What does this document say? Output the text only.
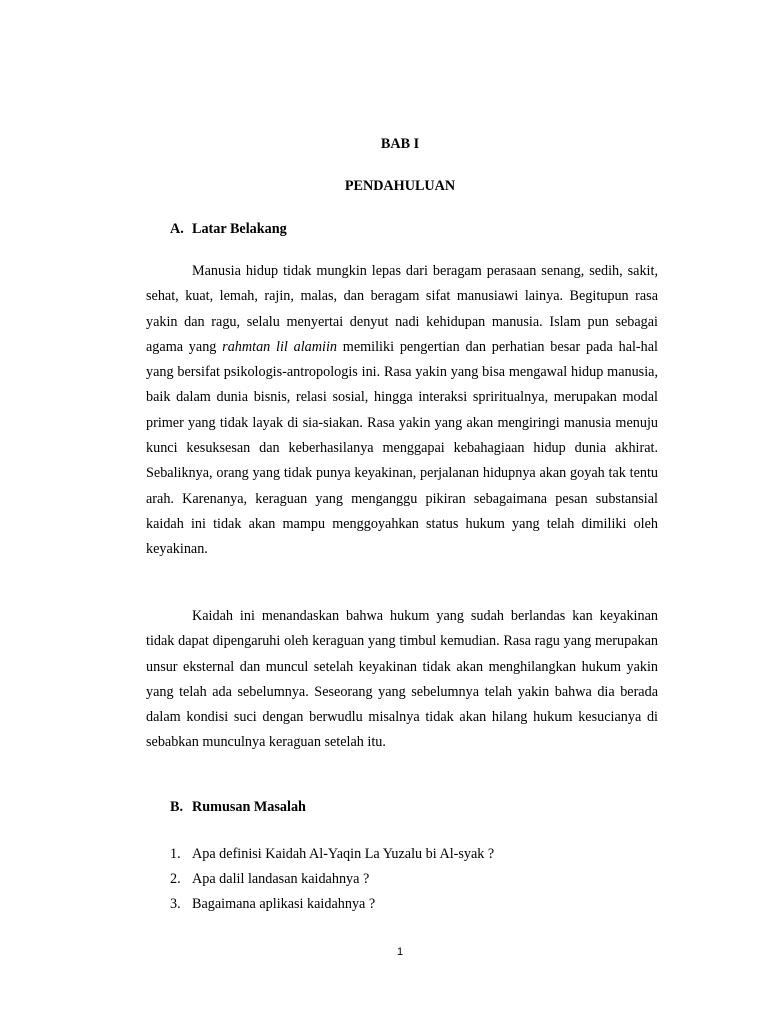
BAB I
PENDAHULUAN
A. Latar Belakang

Manusia hidup tidak mungkin lepas dari beragam perasaan senang, sedih, sakit, sehat, kuat, lemah, rajin, malas, dan beragam sifat manusiawi lainya. Begitupun rasa yakin dan ragu, selalu menyertai denyut nadi kehidupan manusia. Islam pun sebagai agama yang rahmtan lil alamiin memiliki pengertian dan perhatian besar pada hal-hal yang bersifat psikologis-antropologis ini. Rasa yakin yang bisa mengawal hidup manusia, baik dalam dunia bisnis, relasi sosial, hingga interaksi spriritualnya, merupakan modal primer yang tidak layak di sia-siakan. Rasa yakin yang akan mengiringi manusia menuju kunci kesuksesan dan keberhasilanya menggapai kebahagiaan hidup dunia akhirat. Sebaliknya, orang yang tidak punya keyakinan, perjalanan hidupnya akan goyah tak tentu arah. Karenanya, keraguan yang menganggu pikiran sebagaimana pesan substansial kaidah ini tidak akan mampu menggoyahkan status hukum yang telah dimiliki oleh keyakinan.

Kaidah ini menandaskan bahwa hukum yang sudah berlandas kan keyakinan tidak dapat dipengaruhi oleh keraguan yang timbul kemudian. Rasa ragu yang merupakan unsur eksternal dan muncul setelah keyakinan tidak akan menghilangkan hukum yakin yang telah ada sebelumnya. Seseorang yang sebelumnya telah yakin bahwa dia berada dalam kondisi suci dengan berwudlu misalnya tidak akan hilang hukum kesucianya di sebabkan munculnya keraguan setelah itu.

B. Rumusan Masalah
1. Apa definisi Kaidah Al-Yaqin La Yuzalu bi Al-syak ?
2. Apa dalil landasan kaidahnya ?
3. Bagaimana aplikasi kaidahnya ?
1
